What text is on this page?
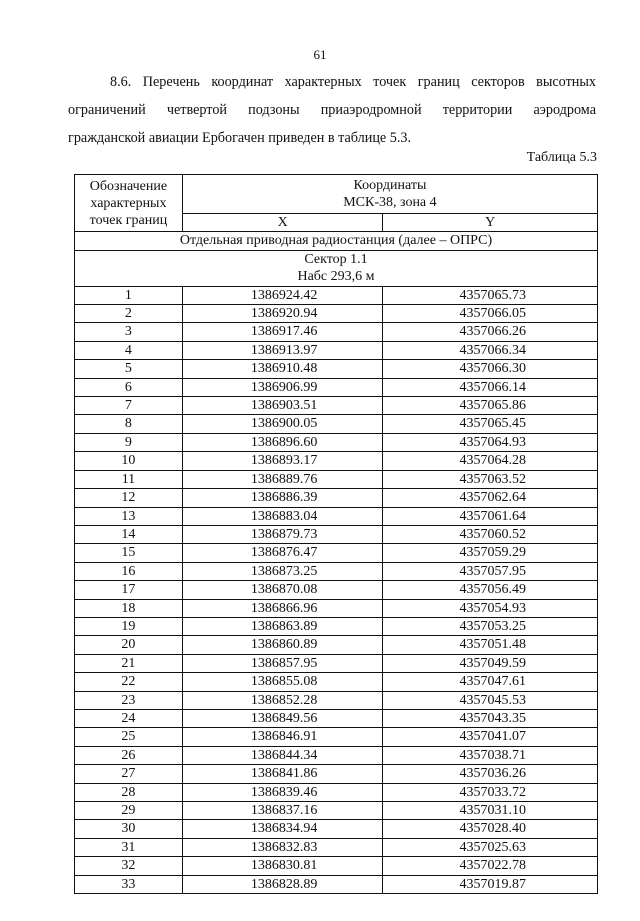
61
8.6. Перечень координат характерных точек границ секторов высотных
ограничений четвертой подзоны приаэродромной территории аэродрома
гражданской авиации Ербогачен приведен в таблице 5.3.
Таблица 5.3
Обозначение характерных точек границ	Координаты
МСК-38, зона 4	

	X	Y
Отдельная приводная радиостанция (далее – ОПРС)		

Сектор 1.1
Набс 293,6 м		

1	1386924.42	4357065.73
2	1386920.94	4357066.05
3	1386917.46	4357066.26
4	1386913.97	4357066.34
5	1386910.48	4357066.30
6	1386906.99	4357066.14
7	1386903.51	4357065.86
8	1386900.05	4357065.45
9	1386896.60	4357064.93
10	1386893.17	4357064.28
11	1386889.76	4357063.52
12	1386886.39	4357062.64
13	1386883.04	4357061.64
14	1386879.73	4357060.52
15	1386876.47	4357059.29
16	1386873.25	4357057.95
17	1386870.08	4357056.49
18	1386866.96	4357054.93
19	1386863.89	4357053.25
20	1386860.89	4357051.48
21	1386857.95	4357049.59
22	1386855.08	4357047.61
23	1386852.28	4357045.53
24	1386849.56	4357043.35
25	1386846.91	4357041.07
26	1386844.34	4357038.71
27	1386841.86	4357036.26
28	1386839.46	4357033.72
29	1386837.16	4357031.10
30	1386834.94	4357028.40
31	1386832.83	4357025.63
32	1386830.81	4357022.78
33	1386828.89	4357019.87
